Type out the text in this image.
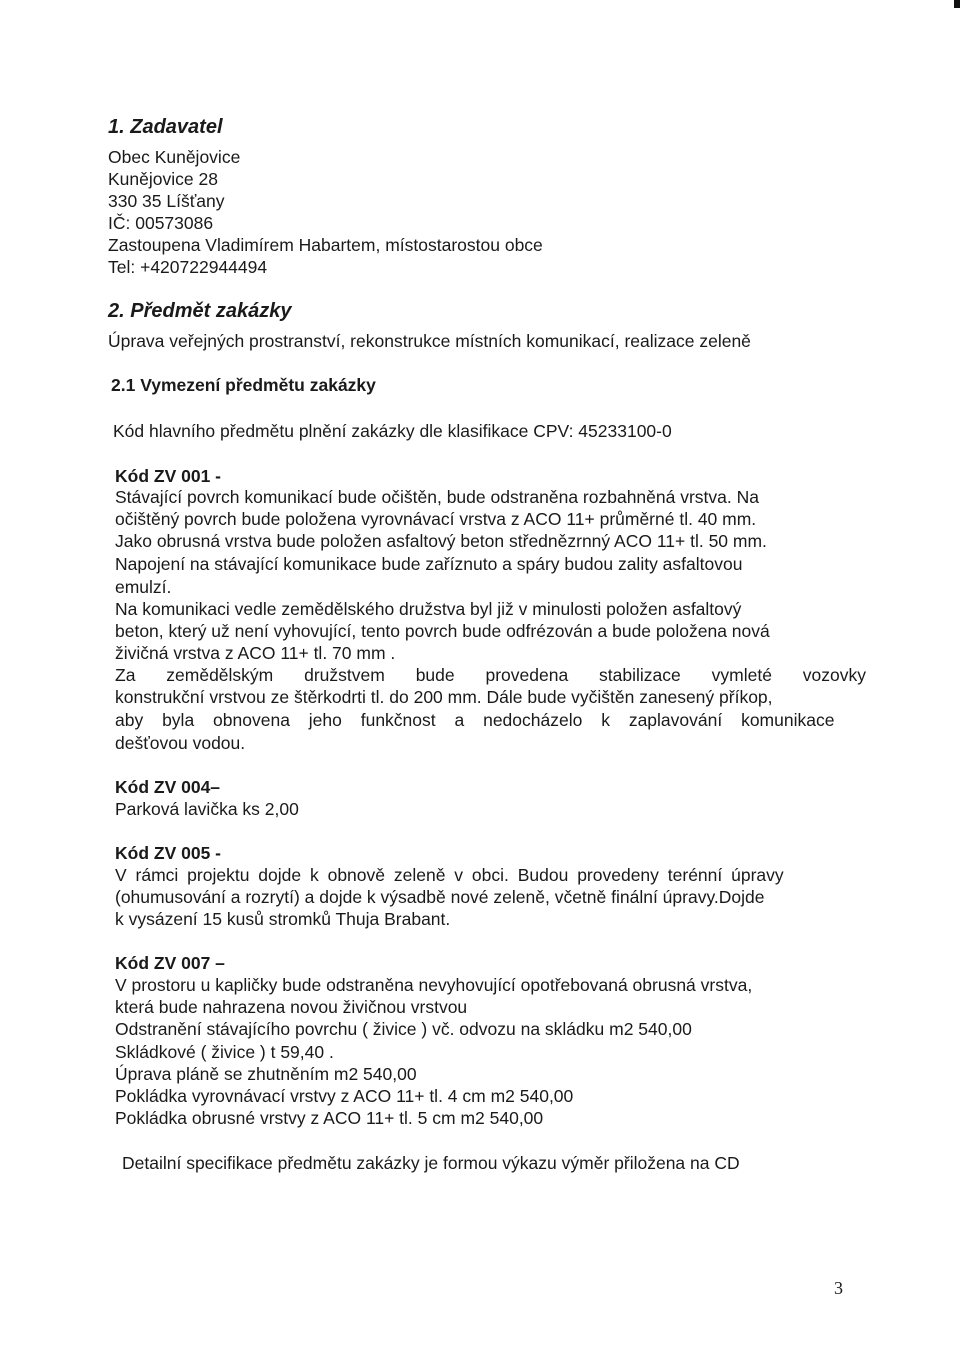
1. Zadavatel
Obec Kunějovice
Kunějovice 28
330 35 Líšťany
IČ: 00573086
Zastoupena Vladimírem Habartem, místostarostou obce
Tel: +420722944494
2. Předmět zakázky
Úprava veřejných prostranství, rekonstrukce místních komunikací, realizace zeleně
2.1 Vymezení předmětu zakázky
Kód hlavního předmětu plnění zakázky dle klasifikace CPV: 45233100-0
Kód ZV 001 -
Stávající povrch komunikací bude očištěn, bude odstraněna rozbahněná vrstva. Na
očištěný povrch bude položena vyrovnávací vrstva z ACO 11+ průměrné tl. 40 mm.
Jako obrusná vrstva bude položen asfaltový beton střednězrnný ACO 11+ tl. 50 mm.
Napojení na stávající komunikace bude zaříznuto a spáry budou zality asfaltovou
emulzí.
Na komunikaci vedle zemědělského družstva byl již v minulosti položen asfaltový
beton, který už není vyhovující, tento povrch bude odfrézován a bude položena nová
živičná vrstva z ACO 11+ tl. 70 mm .
Za zemědělským družstvem bude provedena stabilizace vymleté vozovky
konstrukční vrstvou ze štěrkodrti tl. do 200 mm. Dále bude vyčištěn zanesený příkop,
aby byla obnovena jeho funkčnost a nedocházelo k zaplavování komunikace
dešťovou vodou.
Kód ZV 004–
Parková lavička ks 2,00
Kód ZV 005 -
V rámci projektu dojde k obnově zeleně v obci. Budou provedeny terénní úpravy
(ohumusování a rozrytí) a dojde k výsadbě nové zeleně, včetně finální úpravy.Dojde
k vysázení 15 kusů stromků Thuja Brabant.
Kód ZV 007 –
V prostoru u kapličky bude odstraněna nevyhovující opotřebovaná obrusná vrstva,
která bude nahrazena novou živičnou vrstvou
Odstranění stávajícího povrchu ( živice ) vč. odvozu na skládku m2 540,00
Skládkové ( živice ) t 59,40 .
Úprava pláně se zhutněním m2 540,00
Pokládka vyrovnávací vrstvy z ACO 11+ tl. 4 cm m2 540,00
Pokládka obrusné vrstvy z ACO 11+ tl. 5 cm m2 540,00
Detailní specifikace předmětu zakázky je formou výkazu výměr přiložena na CD
3
